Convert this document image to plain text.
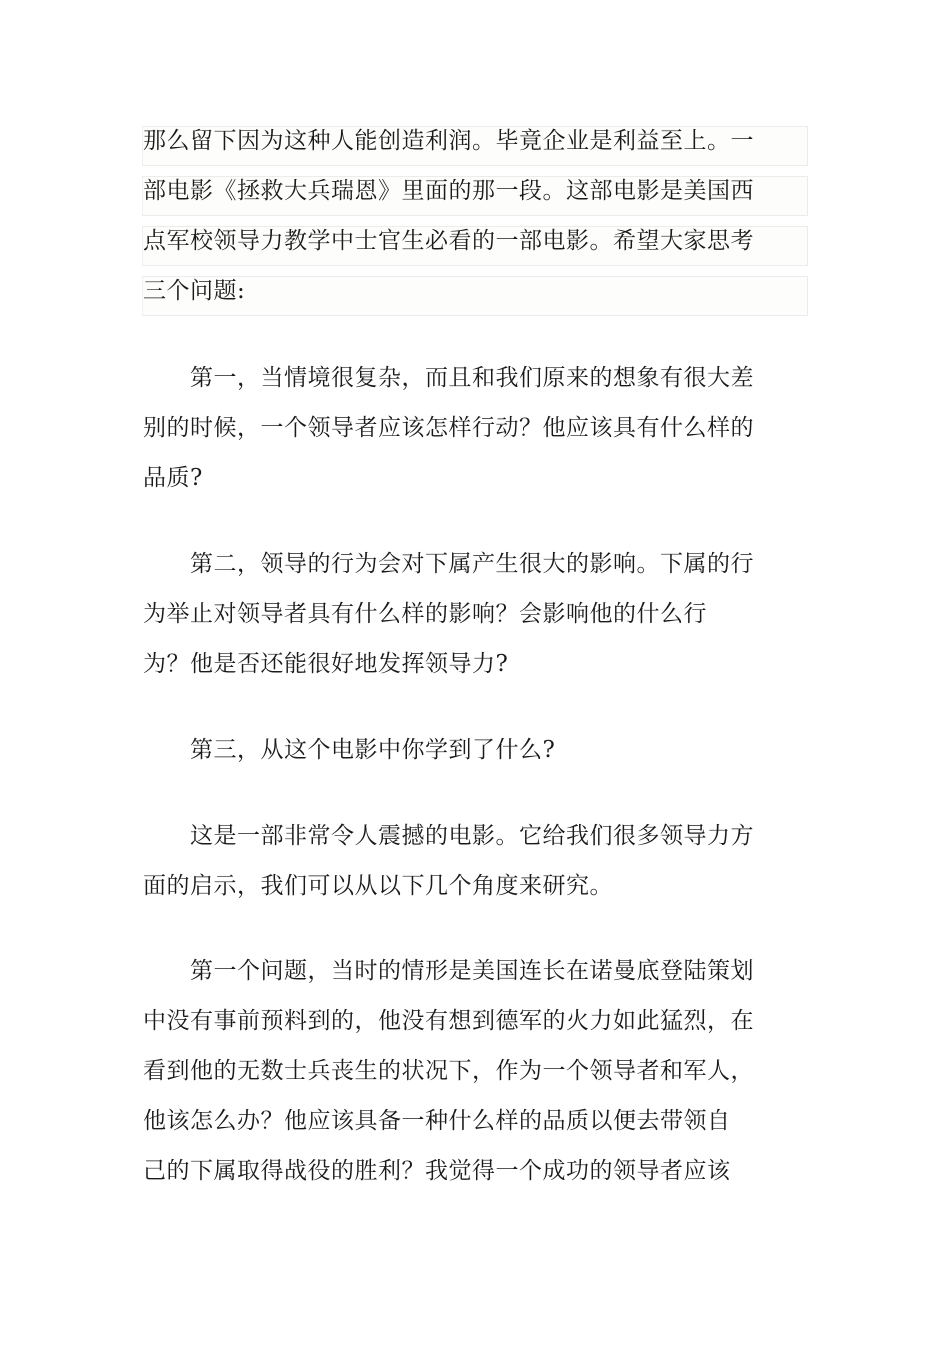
那么留下因为这种人能创造利润。毕竟企业是利益至上。一
部电影《拯救大兵瑞恩》里面的那一段。这部电影是美国西
点军校领导力教学中士官生必看的一部电影。希望大家思考
三个问题:
　　第一，当情境很复杂，而且和我们原来的想象有很大差
别的时候，一个领导者应该怎样行动？他应该具有什么样的
品质?
　　第二，领导的行为会对下属产生很大的影响。下属的行
为举止对领导者具有什么样的影响？会影响他的什么行
为？他是否还能很好地发挥领导力?
　　第三，从这个电影中你学到了什么?
　　这是一部非常令人震撼的电影。它给我们很多领导力方
面的启示，我们可以从以下几个角度来研究。
　　第一个问题，当时的情形是美国连长在诺曼底登陆策划
中没有事前预料到的，他没有想到德军的火力如此猛烈，在
看到他的无数士兵丧生的状况下，作为一个领导者和军人，
他该怎么办？他应该具备一种什么样的品质以便去带领自
己的下属取得战役的胜利？我觉得一个成功的领导者应该
